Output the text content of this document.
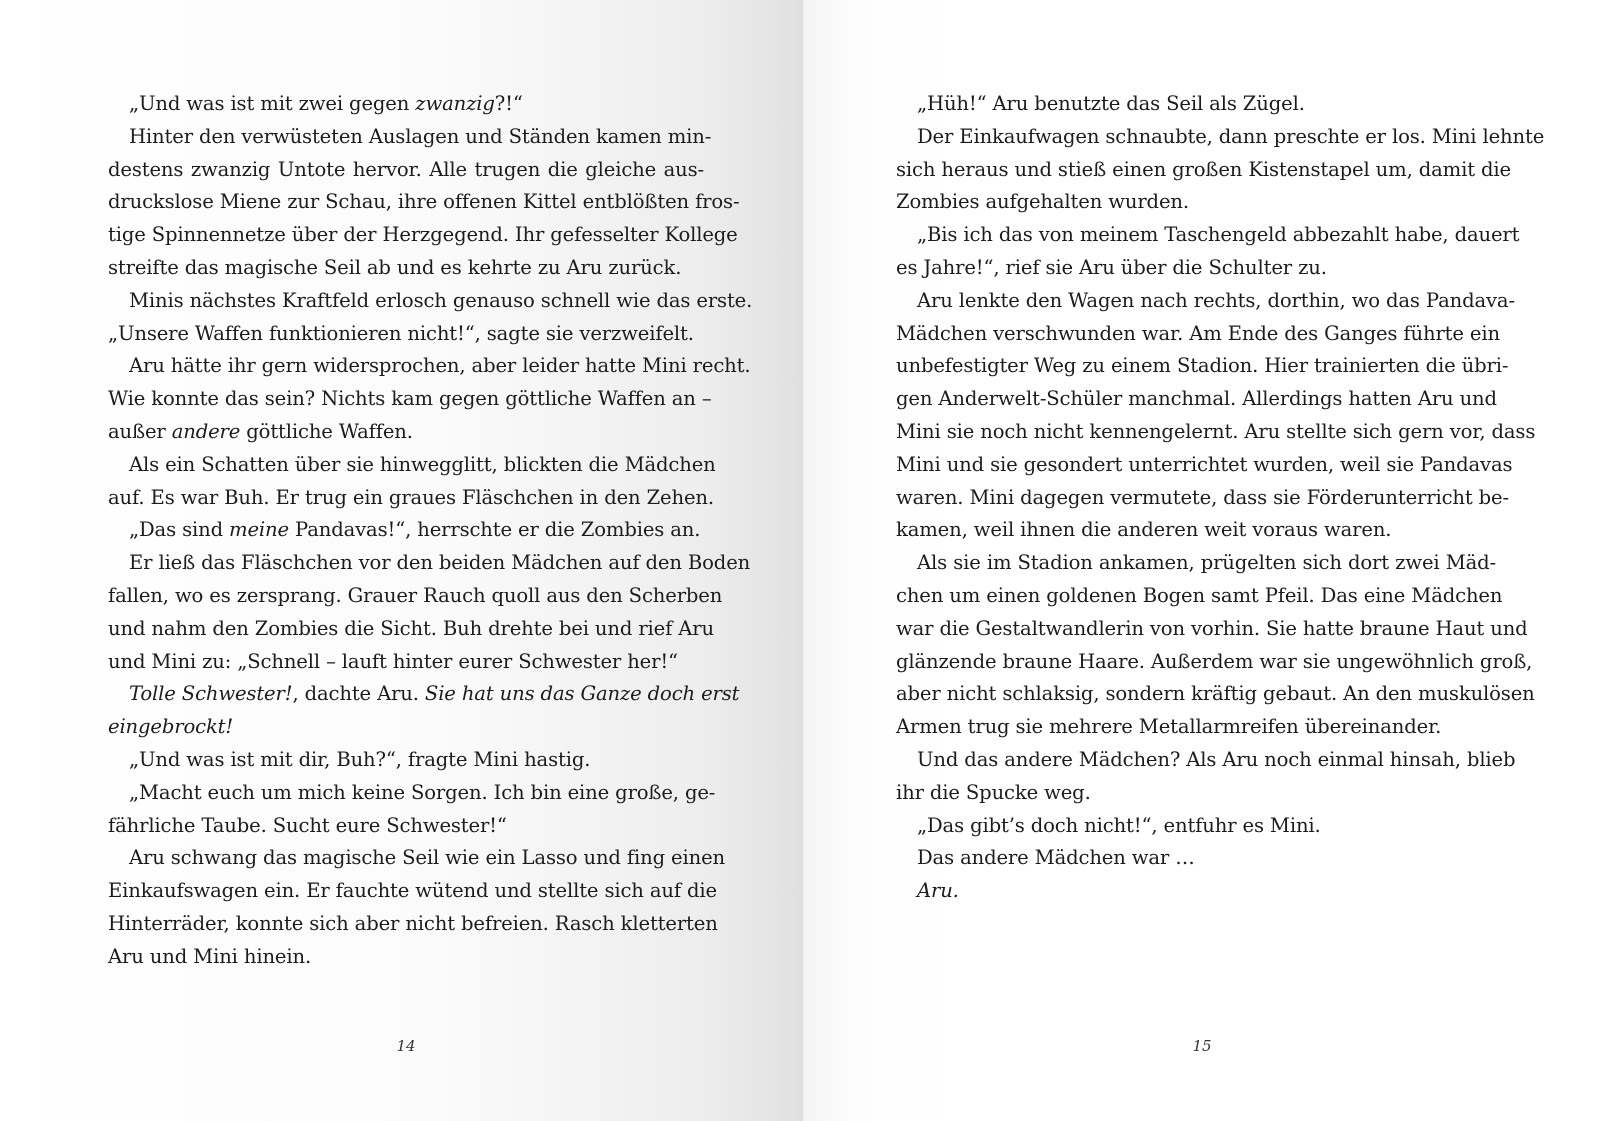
„Und was ist mit zwei gegen zwanzig?!“
Hinter den verwüsteten Auslagen und Ständen kamen min-
destens zwanzig Untote hervor. Alle trugen die gleiche aus-
druckslose Miene zur Schau, ihre offenen Kittel entblößten fros-
tige Spinnennetze über der Herzgegend. Ihr gefesselter Kollege
streifte das magische Seil ab und es kehrte zu Aru zurück.
Minis nächstes Kraftfeld erlosch genauso schnell wie das erste.
„Unsere Waffen funktionieren nicht!“, sagte sie verzweifelt.
Aru hätte ihr gern widersprochen, aber leider hatte Mini recht.
Wie konnte das sein? Nichts kam gegen göttliche Waffen an –
außer andere göttliche Waffen.
Als ein Schatten über sie hinwegglitt, blickten die Mädchen
auf. Es war Buh. Er trug ein graues Fläschchen in den Zehen.
„Das sind meine Pandavas!“, herrschte er die Zombies an.
Er ließ das Fläschchen vor den beiden Mädchen auf den Boden
fallen, wo es zersprang. Grauer Rauch quoll aus den Scherben
und nahm den Zombies die Sicht. Buh drehte bei und rief Aru
und Mini zu: „Schnell – lauft hinter eurer Schwester her!“
Tolle Schwester!, dachte Aru. Sie hat uns das Ganze doch erst
eingebrockt!
„Und was ist mit dir, Buh?“, fragte Mini hastig.
„Macht euch um mich keine Sorgen. Ich bin eine große, ge-
fährliche Taube. Sucht eure Schwester!“
Aru schwang das magische Seil wie ein Lasso und fing einen
Einkaufswagen ein. Er fauchte wütend und stellte sich auf die
Hinterräder, konnte sich aber nicht befreien. Rasch kletterten
Aru und Mini hinein.
14
„Hüh!“ Aru benutzte das Seil als Zügel.
Der Einkaufwagen schnaubte, dann preschte er los. Mini lehnte
sich heraus und stieß einen großen Kistenstapel um, damit die
Zombies aufgehalten wurden.
„Bis ich das von meinem Taschengeld abbezahlt habe, dauert
es Jahre!“, rief sie Aru über die Schulter zu.
Aru lenkte den Wagen nach rechts, dorthin, wo das Pandava-
Mädchen verschwunden war. Am Ende des Ganges führte ein
unbefestigter Weg zu einem Stadion. Hier trainierten die übri-
gen Anderwelt-Schüler manchmal. Allerdings hatten Aru und
Mini sie noch nicht kennengelernt. Aru stellte sich gern vor, dass
Mini und sie gesondert unterrichtet wurden, weil sie Pandavas
waren. Mini dagegen vermutete, dass sie Förderunterricht be-
kamen, weil ihnen die anderen weit voraus waren.
Als sie im Stadion ankamen, prügelten sich dort zwei Mäd-
chen um einen goldenen Bogen samt Pfeil. Das eine Mädchen
war die Gestaltwandlerin von vorhin. Sie hatte braune Haut und
glänzende braune Haare. Außerdem war sie ungewöhnlich groß,
aber nicht schlaksig, sondern kräftig gebaut. An den muskulösen
Armen trug sie mehrere Metallarmreifen übereinander.
Und das andere Mädchen? Als Aru noch einmal hinsah, blieb
ihr die Spucke weg.
„Das gibt’s doch nicht!“, entfuhr es Mini.
Das andere Mädchen war …
Aru.
15
